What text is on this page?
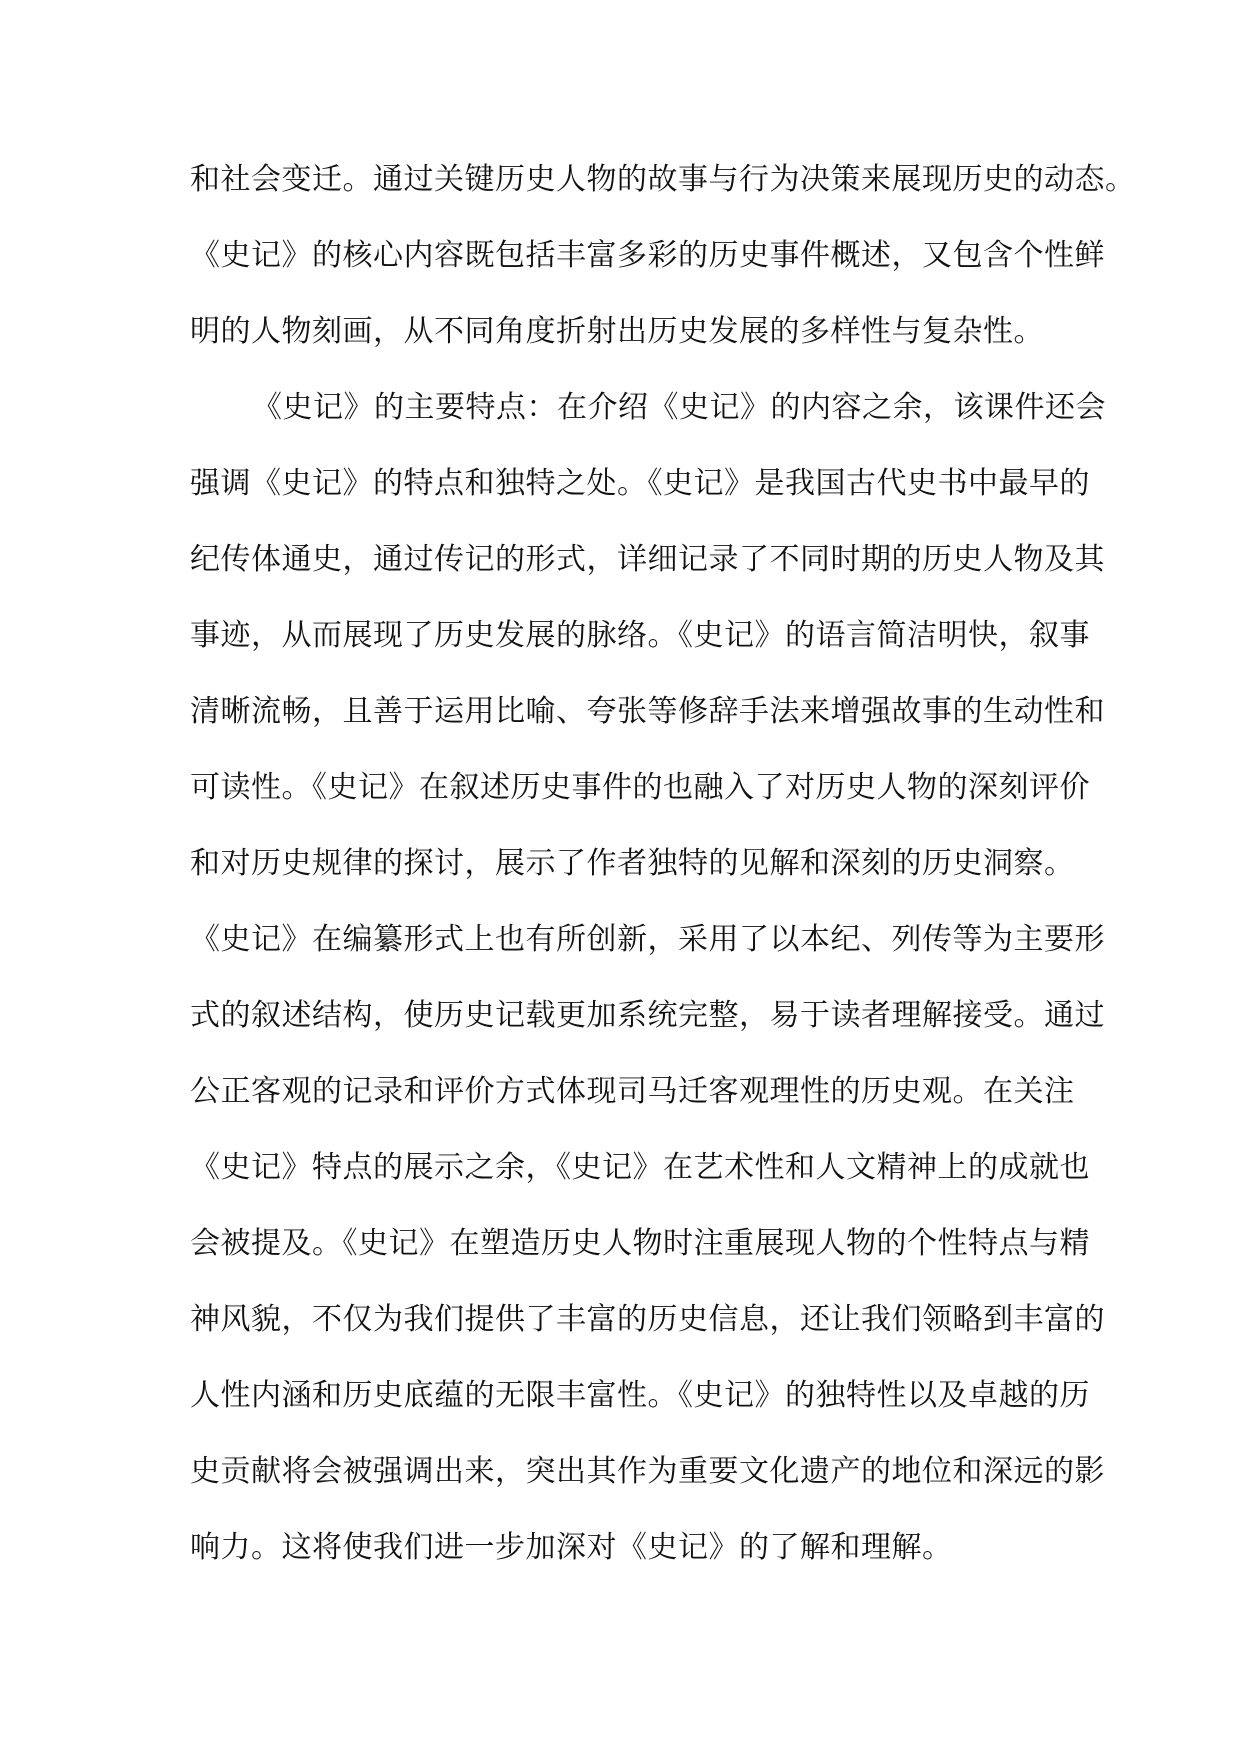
和社会变迁。通过关键历史人物的故事与行为决策来展现历史的动态。
《史记》的核心内容既包括丰富多彩的历史事件概述，又包含个性鲜
明的人物刻画，从不同角度折射出历史发展的多样性与复杂性。
《史记》的主要特点：在介绍《史记》的内容之余，该课件还会
强调《史记》的特点和独特之处。《史记》是我国古代史书中最早的
纪传体通史，通过传记的形式，详细记录了不同时期的历史人物及其
事迹，从而展现了历史发展的脉络。《史记》的语言简洁明快，叙事
清晰流畅，且善于运用比喻、夸张等修辞手法来增强故事的生动性和
可读性。《史记》在叙述历史事件的也融入了对历史人物的深刻评价
和对历史规律的探讨，展示了作者独特的见解和深刻的历史洞察。
《史记》在编纂形式上也有所创新，采用了以本纪、列传等为主要形
式的叙述结构，使历史记载更加系统完整，易于读者理解接受。通过
公正客观的记录和评价方式体现司马迁客观理性的历史观。在关注
《史记》特点的展示之余，《史记》在艺术性和人文精神上的成就也
会被提及。《史记》在塑造历史人物时注重展现人物的个性特点与精
神风貌，不仅为我们提供了丰富的历史信息，还让我们领略到丰富的
人性内涵和历史底蕴的无限丰富性。《史记》的独特性以及卓越的历
史贡献将会被强调出来，突出其作为重要文化遗产的地位和深远的影
响力。这将使我们进一步加深对《史记》的了解和理解。
